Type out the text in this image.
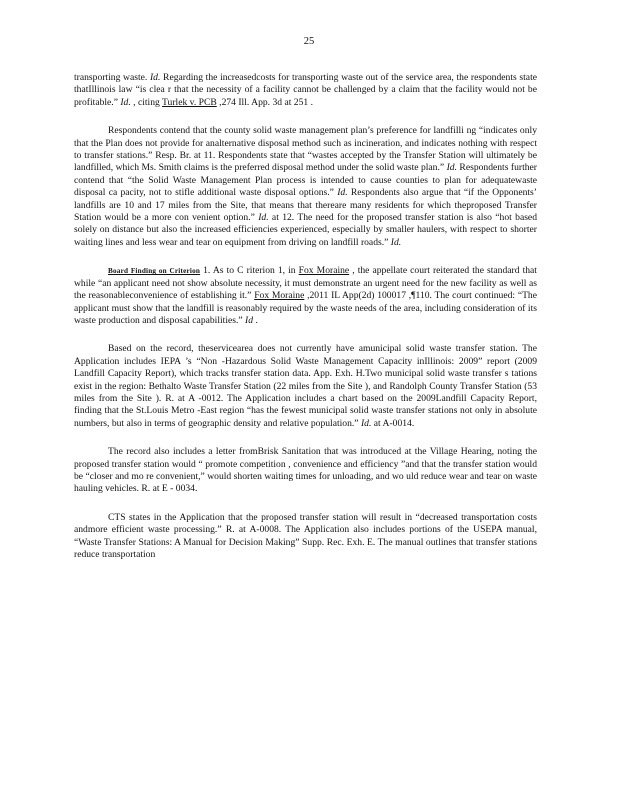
25

transporting waste. Id. Regarding the increasedcosts for transporting waste out of the service area, the respondents state thatIllinois law “is clea r that the necessity of a facility cannot be challenged by a claim that the facility would not be profitable.” Id. , citing Turlek v. PCB ,274 Ill. App. 3d at 251 .

Respondents contend that the county solid waste management plan’s preference for landfilli ng “indicates only that the Plan does not provide for analternative disposal method such as incineration, and indicates nothing with respect to transfer stations.” Resp. Br. at 11. Respondents state that “wastes accepted by the Transfer Station will ultimately be landfilled, which Ms. Smith claims is the preferred disposal method under the solid waste plan.” Id. Respondents further contend that “the Solid Waste Management Plan process is intended to cause counties to plan for adequatewaste disposal ca pacity, not to stifle additional waste disposal options.” Id. Respondents also argue that “if the Opponents’ landfills are 10 and 17 miles from the Site, that means that thereare many residents for which theproposed Transfer Station would be a more con venient option.” Id. at 12. The need for the proposed transfer station is also “hot based solely on distance but also the increased efficiencies experienced, especially by smaller haulers, with respect to shorter waiting lines and less wear and tear on equipment from driving on landfill roads.” Id.

Board Finding on Criterion 1. As to C riterion 1, in Fox Moraine , the appellate court reiterated the standard that while “an applicant need not show absolute necessity, it must demonstrate an urgent need for the new facility as well as the reasonableconvenience of establishing it.” Fox Moraine ,2011 IL App(2d) 100017 ,¶110. The court continued: “The applicant must show that the landfill is reasonably required by the waste needs of the area, including consideration of its waste production and disposal capabilities.” Id .

Based on the record, theservicearea does not currently have amunicipal solid waste transfer station. The Application includes IEPA ’s “Non -Hazardous Solid Waste Management Capacity inIllinois: 2009” report (2009 Landfill Capacity Report), which tracks transfer station data. App. Exh. H.Two municipal solid waste transfer s tations exist in the region: Bethalto Waste Transfer Station (22 miles from the Site ), and Randolph County Transfer Station (53 miles from the Site ). R. at A -0012. The Application includes a chart based on the 2009Landfill Capacity Report, finding that the St.Louis Metro -East region “has the fewest municipal solid waste transfer stations not only in absolute numbers, but also in terms of geographic density and relative population.” Id. at A-0014.

The record also includes a letter fromBrisk Sanitation that was introduced at the Village Hearing, noting the proposed transfer station would “ promote competition , convenience and efficiency ”and that the transfer station would be “closer and mo re convenient,” would shorten waiting times for unloading, and wo uld reduce wear and tear on waste hauling vehicles. R. at E - 0034.

CTS states in the Application that the proposed transfer station will result in “decreased transportation costs andmore efficient waste processing.” R. at A-0008. The Application also includes portions of the USEPA manual, “Waste Transfer Stations: A Manual for Decision Making” Supp. Rec. Exh. E. The manual outlines that transfer stations reduce transportation
